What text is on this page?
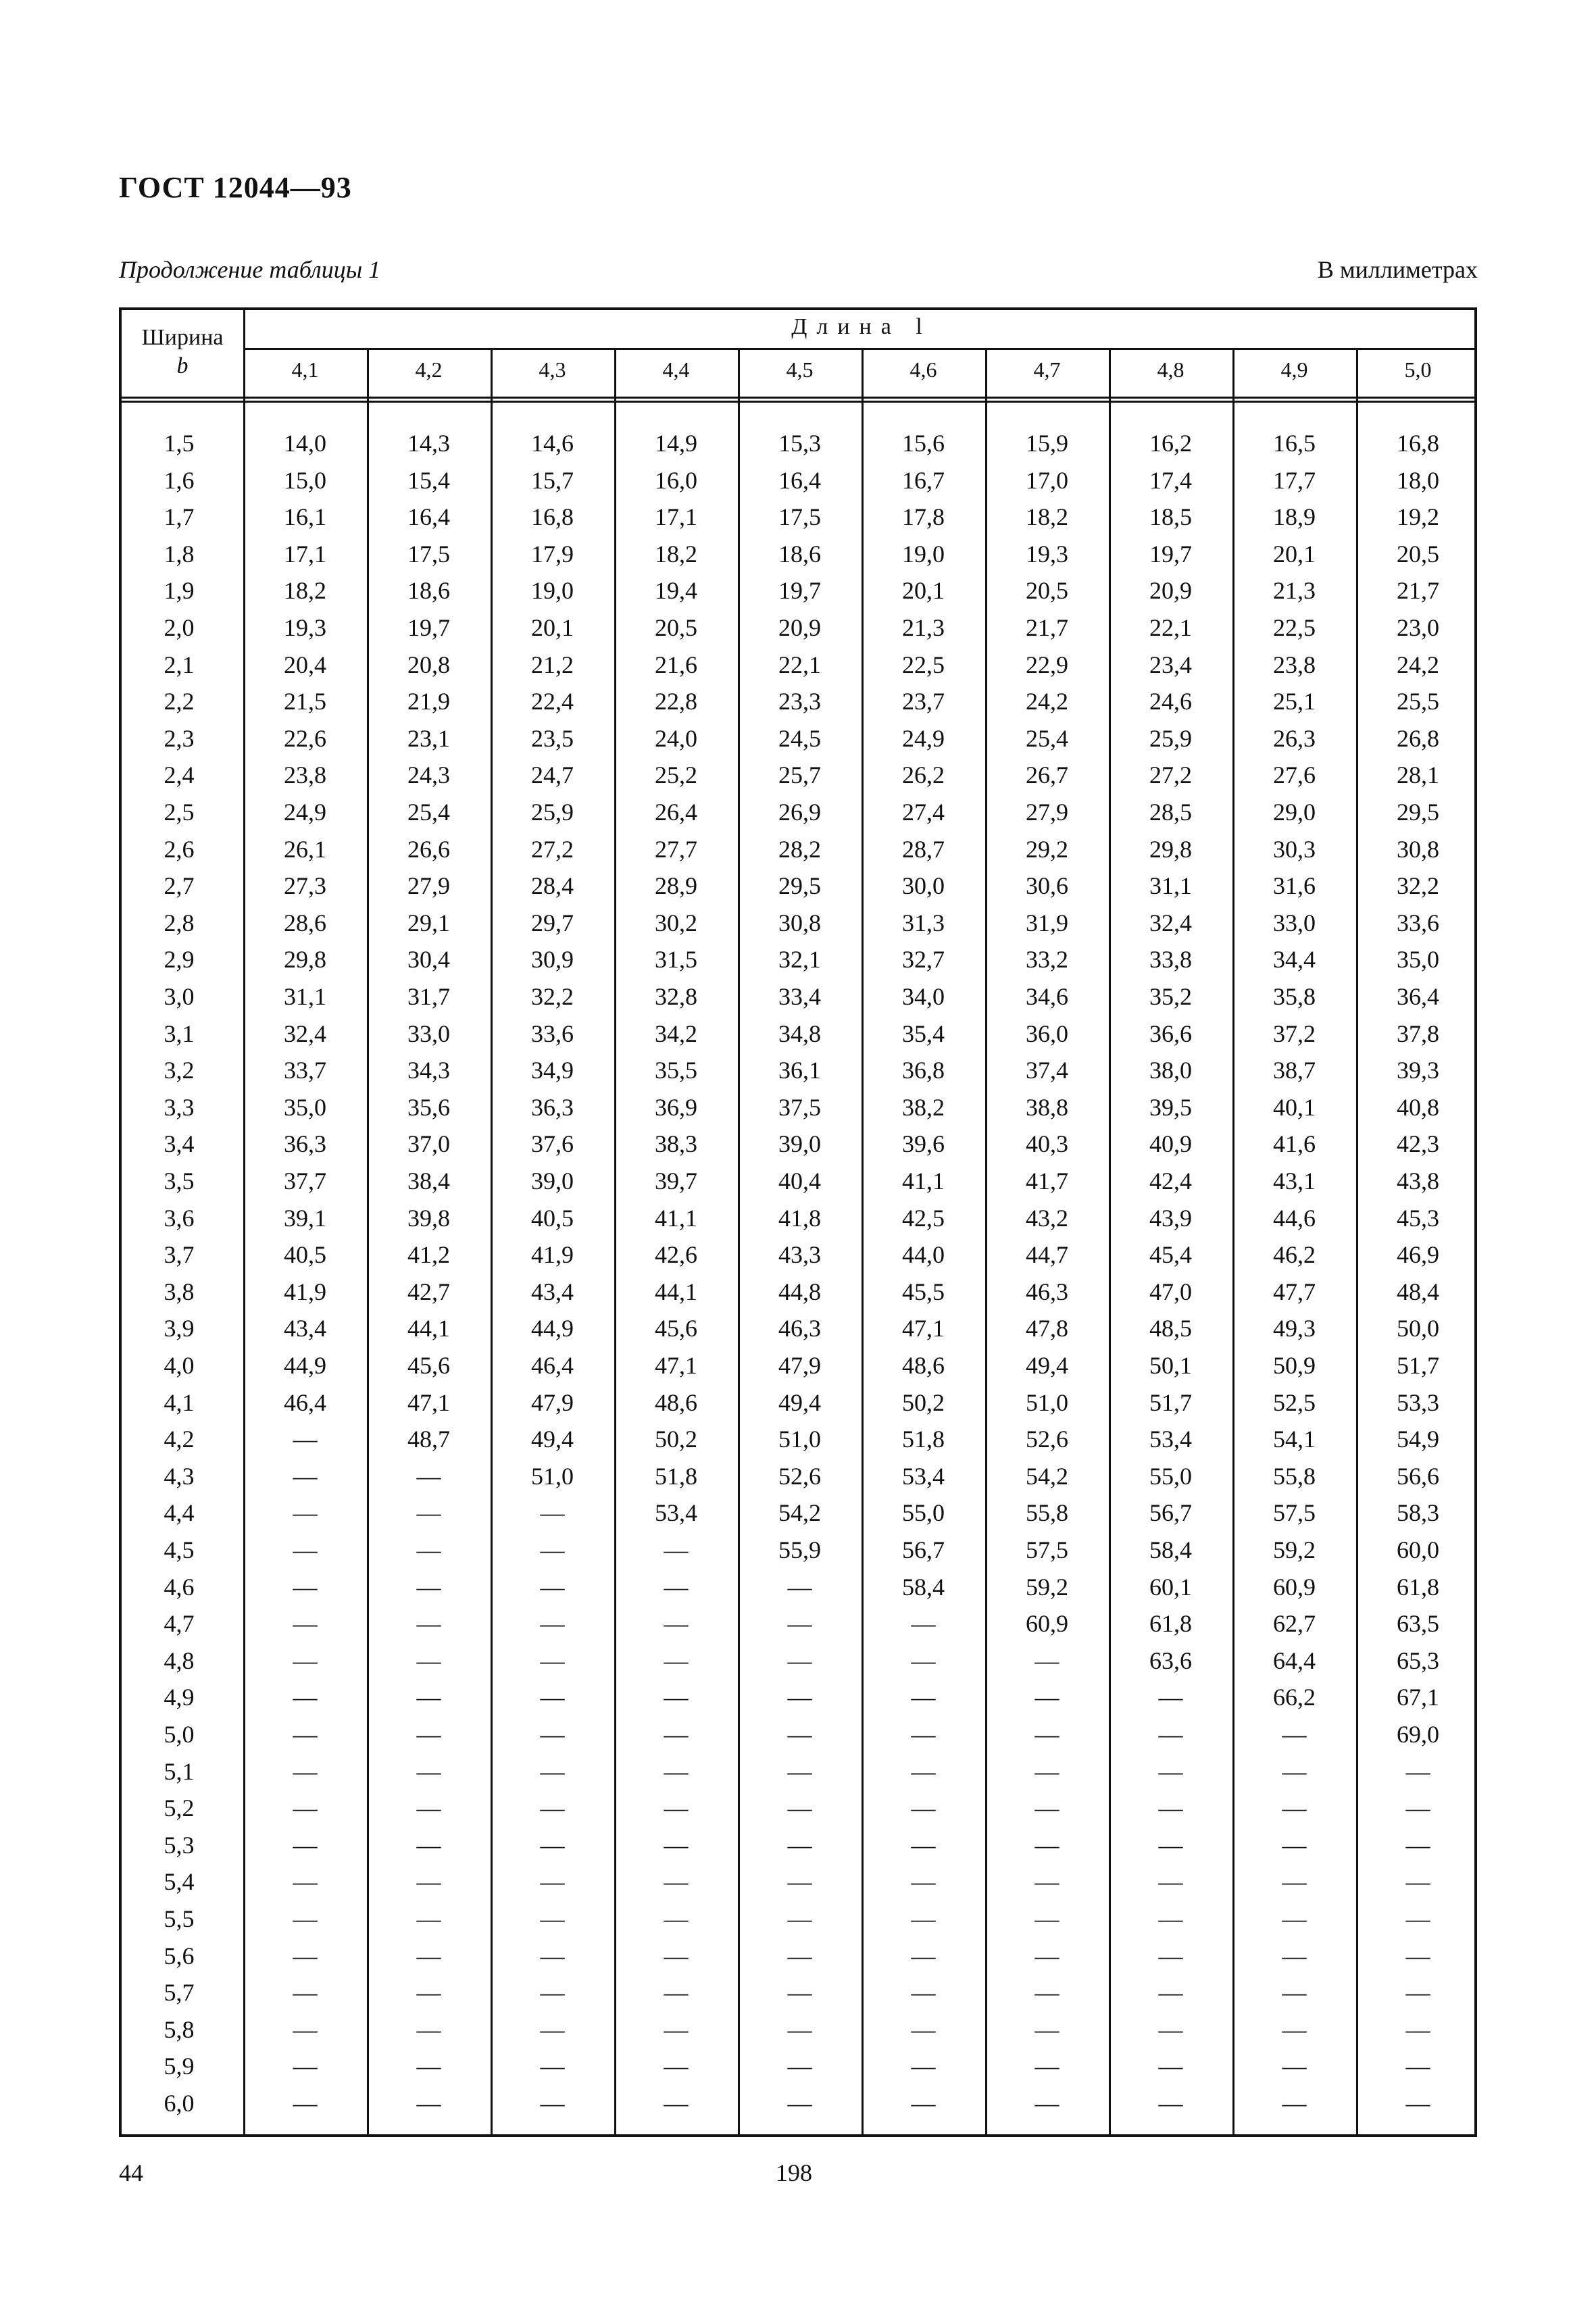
ГОСТ 12044—93
Продолжение таблицы 1	В миллиметрах
Ширина
b
Длина l
4,1	4,2	4,3	4,4	4,5	4,6	4,7	4,8	4,9	5,0
1,5	14,0	14,3	14,6	14,9	15,3	15,6	15,9	16,2	16,5	16,8
1,6	15,0	15,4	15,7	16,0	16,4	16,7	17,0	17,4	17,7	18,0
1,7	16,1	16,4	16,8	17,1	17,5	17,8	18,2	18,5	18,9	19,2
1,8	17,1	17,5	17,9	18,2	18,6	19,0	19,3	19,7	20,1	20,5
1,9	18,2	18,6	19,0	19,4	19,7	20,1	20,5	20,9	21,3	21,7
2,0	19,3	19,7	20,1	20,5	20,9	21,3	21,7	22,1	22,5	23,0
2,1	20,4	20,8	21,2	21,6	22,1	22,5	22,9	23,4	23,8	24,2
2,2	21,5	21,9	22,4	22,8	23,3	23,7	24,2	24,6	25,1	25,5
2,3	22,6	23,1	23,5	24,0	24,5	24,9	25,4	25,9	26,3	26,8
2,4	23,8	24,3	24,7	25,2	25,7	26,2	26,7	27,2	27,6	28,1
2,5	24,9	25,4	25,9	26,4	26,9	27,4	27,9	28,5	29,0	29,5
2,6	26,1	26,6	27,2	27,7	28,2	28,7	29,2	29,8	30,3	30,8
2,7	27,3	27,9	28,4	28,9	29,5	30,0	30,6	31,1	31,6	32,2
2,8	28,6	29,1	29,7	30,2	30,8	31,3	31,9	32,4	33,0	33,6
2,9	29,8	30,4	30,9	31,5	32,1	32,7	33,2	33,8	34,4	35,0
3,0	31,1	31,7	32,2	32,8	33,4	34,0	34,6	35,2	35,8	36,4
3,1	32,4	33,0	33,6	34,2	34,8	35,4	36,0	36,6	37,2	37,8
3,2	33,7	34,3	34,9	35,5	36,1	36,8	37,4	38,0	38,7	39,3
3,3	35,0	35,6	36,3	36,9	37,5	38,2	38,8	39,5	40,1	40,8
3,4	36,3	37,0	37,6	38,3	39,0	39,6	40,3	40,9	41,6	42,3
3,5	37,7	38,4	39,0	39,7	40,4	41,1	41,7	42,4	43,1	43,8
3,6	39,1	39,8	40,5	41,1	41,8	42,5	43,2	43,9	44,6	45,3
3,7	40,5	41,2	41,9	42,6	43,3	44,0	44,7	45,4	46,2	46,9
3,8	41,9	42,7	43,4	44,1	44,8	45,5	46,3	47,0	47,7	48,4
3,9	43,4	44,1	44,9	45,6	46,3	47,1	47,8	48,5	49,3	50,0
4,0	44,9	45,6	46,4	47,1	47,9	48,6	49,4	50,1	50,9	51,7
4,1	46,4	47,1	47,9	48,6	49,4	50,2	51,0	51,7	52,5	53,3
4,2	—	48,7	49,4	50,2	51,0	51,8	52,6	53,4	54,1	54,9
4,3	—	—	51,0	51,8	52,6	53,4	54,2	55,0	55,8	56,6
4,4	—	—	—	53,4	54,2	55,0	55,8	56,7	57,5	58,3
4,5	—	—	—	—	55,9	56,7	57,5	58,4	59,2	60,0
4,6	—	—	—	—	—	58,4	59,2	60,1	60,9	61,8
4,7	—	—	—	—	—	—	60,9	61,8	62,7	63,5
4,8	—	—	—	—	—	—	—	63,6	64,4	65,3
4,9	—	—	—	—	—	—	—	—	66,2	67,1
5,0	—	—	—	—	—	—	—	—	—	69,0
5,1	—	—	—	—	—	—	—	—	—	—
5,2	—	—	—	—	—	—	—	—	—	—
5,3	—	—	—	—	—	—	—	—	—	—
5,4	—	—	—	—	—	—	—	—	—	—
5,5	—	—	—	—	—	—	—	—	—	—
5,6	—	—	—	—	—	—	—	—	—	—
5,7	—	—	—	—	—	—	—	—	—	—
5,8	—	—	—	—	—	—	—	—	—	—
5,9	—	—	—	—	—	—	—	—	—	—
6,0	—	—	—	—	—	—	—	—	—	—
44	198
